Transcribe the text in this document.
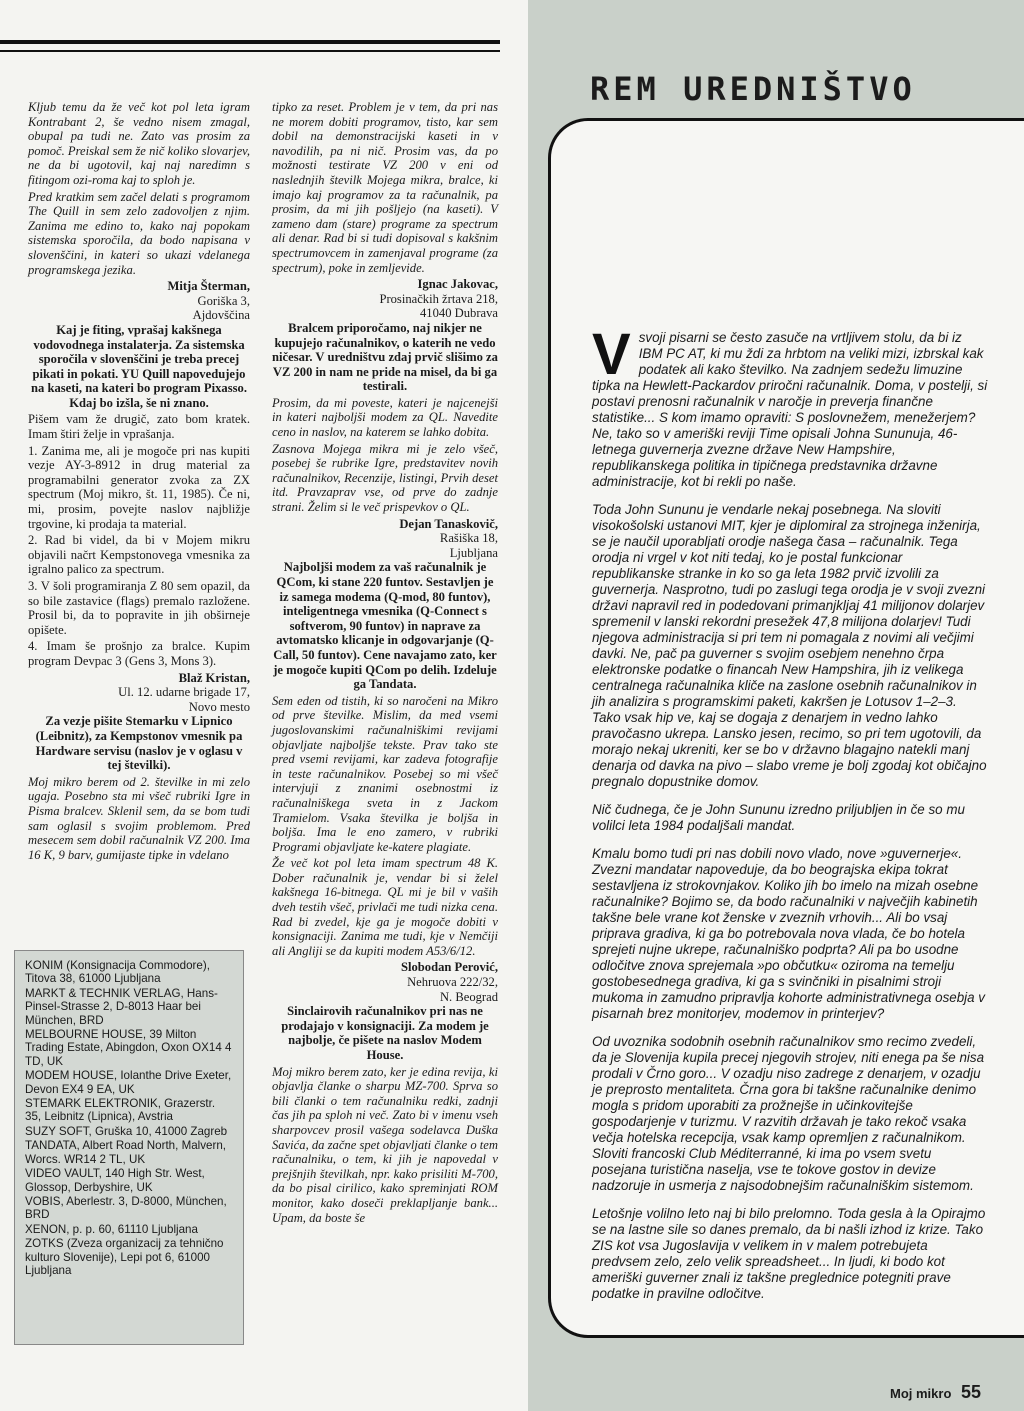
Kljub temu da že več kot pol leta igram Kontrabant 2, še vedno nisem zmagal, obupal pa tudi ne. Zato vas prosim za pomoč. Preiskal sem že nič koliko slovarjev, ne da bi ugotovil, kaj naj naredimn s fitingom ozi-roma kaj to sploh je.

Pred kratkim sem začel delati s programom The Quill in sem zelo zadovoljen z njim. Zanima me edino to, kako naj popokam sistemska sporočila, da bodo napisana v slovenščini, in kateri so ukazi vdelanega programskega jezika.

Mitja Šterman,

Goriška 3,

Ajdovščina

Kaj je fiting, vprašaj kakšnega vodovodnega instalaterja. Za sistemska sporočila v slovenščini je treba precej pikati in pokati. YU Quill napovedujejo na kaseti, na kateri bo program Pixasso. Kdaj bo izšla, še ni znano.

Pišem vam že drugič, zato bom kratek. Imam štiri želje in vprašanja.

1. Zanima me, ali je mogoče pri nas kupiti vezje AY-3-8912 in drug material za programabilni generator zvoka za ZX spectrum (Moj mikro, št. 11, 1985). Če ni, mi, prosim, povejte naslov najbližje trgovine, ki prodaja ta material.

2. Rad bi videl, da bi v Mojem mikru objavili načrt Kempstonovega vmesnika za igralno palico za spectrum.

3. V šoli programiranja Z 80 sem opazil, da so bile zastavice (flags) premalo razložene. Prosil bi, da to popravite in jih obširneje opišete.

4. Imam še prošnjo za bralce. Kupim program Devpac 3 (Gens 3, Mons 3).

Blaž Kristan,

Ul. 12. udarne brigade 17,

Novo mesto

Za vezje pišite Stemarku v Lipnico (Leibnitz), za Kempstonov vmesnik pa Hardware servisu (naslov je v oglasu v tej številki).

Moj mikro berem od 2. številke in mi zelo ugaja. Posebno sta mi všeč rubriki Igre in Pisma bralcev. Sklenil sem, da se bom tudi sam oglasil s svojim problemom. Pred mesecem sem dobil računalnik VZ 200. Ima 16 K, 9 barv, gumijaste tipke in vdelano

tipko za reset. Problem je v tem, da pri nas ne morem dobiti programov, tisto, kar sem dobil na demonstracijski kaseti in v navodilih, pa ni nič. Prosim vas, da po možnosti testirate VZ 200 v eni od naslednjih številk Mojega mikra, bralce, ki imajo kaj programov za ta računalnik, pa prosim, da mi jih pošljejo (na kaseti). V zameno dam (stare) programe za spectrum ali denar. Rad bi si tudi dopisoval s kakšnim spectrumovcem in zamenjaval programe (za spectrum), poke in zemljevide.

Ignac Jakovac,

Prosinačkih žrtava 218,

41040 Dubrava

Bralcem priporočamo, naj nikjer ne kupujejo računalnikov, o katerih ne vedo ničesar. V uredništvu zdaj prvič slišimo za VZ 200 in nam ne pride na misel, da bi ga testirali.

Prosim, da mi poveste, kateri je najcenejši in kateri najboljši modem za QL. Navedite ceno in naslov, na katerem se lahko dobita.

Zasnova Mojega mikra mi je zelo všeč, posebej še rubrike Igre, predstavitev novih računalnikov, Recenzije, listingi, Prvih deset itd. Pravzaprav vse, od prve do zadnje strani. Želim si le več prispevkov o QL.

Dejan Tanaskovič,

Rašiška 18,

Ljubljana

Najboljši modem za vaš računalnik je QCom, ki stane 220 funtov. Sestavljen je iz samega modema (Q-mod, 80 funtov), inteligentnega vmesnika (Q-Connect s softverom, 90 funtov) in naprave za avtomatsko klicanje in odgovarjanje (Q-Call, 50 funtov). Cene navajamo zato, ker je mogoče kupiti QCom po delih. Izdeluje ga Tandata.

Sem eden od tistih, ki so naročeni na Mikro od prve številke. Mislim, da med vsemi jugoslovanskimi računalniškimi revijami objavljate najboljše tekste. Prav tako ste pred vsemi revijami, kar zadeva fotografije in teste računalnikov. Posebej so mi všeč intervjuji z znanimi osebnostmi iz računalniškega sveta in z Jackom Tramielom. Vsaka številka je boljša in boljša. Ima le eno zamero, v rubriki Programi objavljate ke-katere plagiate.

Že več kot pol leta imam spectrum 48 K. Dober računalnik je, vendar bi si želel kakšnega 16-bitnega. QL mi je bil v vaših dveh testih všeč, privlači me tudi nizka cena. Rad bi zvedel, kje ga je mogoče dobiti v konsignaciji. Zanima me tudi, kje v Nemčiji ali Angliji se da kupiti modem A53/6/12.

Slobodan Perović,

Nehruova 222/32,

N. Beograd

Sinclairovih računalnikov pri nas ne prodajajo v konsignaciji. Za modem je najbolje, če pišete na naslov Modem House.

Moj mikro berem zato, ker je edina revija, ki objavlja članke o sharpu MZ-700. Sprva so bili članki o tem računalniku redki, zadnji čas jih pa sploh ni več. Zato bi v imenu vseh sharpovcev prosil vašega sodelavca Duška Savića, da začne spet objavljati članke o tem računalniku, o tem, ki jih je napovedal v prejšnjih številkah, npr. kako prisiliti M-700, da bo pisal cirilico, kako spreminjati ROM monitor, kako doseči preklapljanje bank... Upam, da boste še

KONIM (Konsignacija Commodore), Titova 38, 61000 Ljubljana

MARKT & TECHNIK VERLAG, Hans-Pinsel-Strasse 2, D-8013 Haar bei München, BRD

MELBOURNE HOUSE, 39 Milton Trading Estate, Abingdon, Oxon OX14 4 TD, UK

MODEM HOUSE, Iolanthe Drive Exeter, Devon EX4 9 EA, UK

STEMARK ELEKTRONIK, Grazerstr. 35, Leibnitz (Lipnica), Avstria

SUZY SOFT, Gruška 10, 41000 Zagreb

TANDATA, Albert Road North, Malvern, Worcs. WR14 2 TL, UK

VIDEO VAULT, 140 High Str. West, Glossop, Derbyshire, UK

VOBIS, Aberlestr. 3, D-8000, München, BRD

XENON, p. p. 60, 61110 Ljubljana

ZOTKS (Zveza organizacij za tehnično kulturo Slovenije), Lepi pot 6, 61000 Ljubljana

REM UREDNIŠTVO

Vsvoji pisarni se često zasuče na vrtljivem stolu, da bi iz IBM PC AT, ki mu ždi za hrbtom na veliki mizi, izbrskal kak podatek ali kako številko. Na zadnjem sedežu limuzine tipka na Hewlett-Packardov priročni računalnik. Doma, v postelji, si postavi prenosni računalnik v naročje in preverja finančne statistike... S kom imamo opraviti: S poslovnežem, menežerjem? Ne, tako so v ameriški reviji Time opisali Johna Sununuja, 46-letnega guvernerja zvezne države New Hampshire, republikanskega politika in tipičnega predstavnika državne administracije, kot bi rekli po naše.

Toda John Sununu je vendarle nekaj posebnega. Na sloviti visokošolski ustanovi MIT, kjer je diplomiral za strojnega inženirja, se je naučil uporabljati orodje našega časa – računalnik. Tega orodja ni vrgel v kot niti tedaj, ko je postal funkcionar republikanske stranke in ko so ga leta 1982 prvič izvolili za guvernerja. Nasprotno, tudi po zaslugi tega orodja je v svoji zvezni državi napravil red in podedovani primanjkljaj 41 milijonov dolarjev spremenil v lanski rekordni presežek 47,8 milijona dolarjev! Tudi njegova administracija si pri tem ni pomagala z novimi ali večjimi davki. Ne, pač pa guverner s svojim osebjem nenehno črpa elektronske podatke o financah New Hampshira, jih iz velikega centralnega računalnika kliče na zaslone osebnih računalnikov in jih analizira s programskimi paketi, kakršen je Lotusov 1–2–3. Tako vsak hip ve, kaj se dogaja z denarjem in vedno lahko pravočasno ukrepa. Lansko jesen, recimo, so pri tem ugotovili, da morajo nekaj ukreniti, ker se bo v državno blagajno natekli manj denarja od davka na pivo – slabo vreme je bolj zgodaj kot običajno pregnalo dopustnike domov.

Nič čudnega, če je John Sununu izredno priljubljen in če so mu volilci leta 1984 podaljšali mandat.

Kmalu bomo tudi pri nas dobili novo vlado, nove »guvernerje«. Zvezni mandatar napoveduje, da bo beograjska ekipa tokrat sestavljena iz strokovnjakov. Koliko jih bo imelo na mizah osebne računalnike? Bojimo se, da bodo računalniki v največjih kabinetih takšne bele vrane kot ženske v zveznih vrhovih... Ali bo vsaj priprava gradiva, ki ga bo potrebovala nova vlada, če bo hotela sprejeti nujne ukrepe, računalniško podprta? Ali pa bo usodne odločitve znova sprejemala »po občutku« oziroma na temelju gostobesednega gradiva, ki ga s svinčniki in pisalnimi stroji mukoma in zamudno pripravlja kohorte administrativnega osebja v pisarnah brez monitorjev, modemov in printerjev?

Od uvoznika sodobnih osebnih računalnikov smo recimo zvedeli, da je Slovenija kupila precej njegovih strojev, niti enega pa še nisa prodali v Črno goro... V ozadju niso zadrege z denarjem, v ozadju je preprosto mentaliteta. Črna gora bi takšne računalnike denimo mogla s pridom uporabiti za prožnejše in učinkovitejše gospodarjenje v turizmu. V razvitih državah je tako rekoč vsaka večja hotelska recepcija, vsak kamp opremljen z računalnikom. Sloviti francoski Club Méditerranné, ki ima po vsem svetu posejana turistična naselja, vse te tokove gostov in devize nadzoruje in usmerja z najsodobnejšim računalniškim sistemom.

Letošnje volilno leto naj bi bilo prelomno. Toda gesla à la Opirajmo se na lastne sile so danes premalo, da bi našli izhod iz krize. Tako ZIS kot vsa Jugoslavija v velikem in v malem potrebujeta predvsem zelo, zelo velik spreadsheet... In ljudi, ki bodo kot ameriški guverner znali iz takšne preglednice potegniti prave podatke in pravilne odločitve.

Moj mikro 55
